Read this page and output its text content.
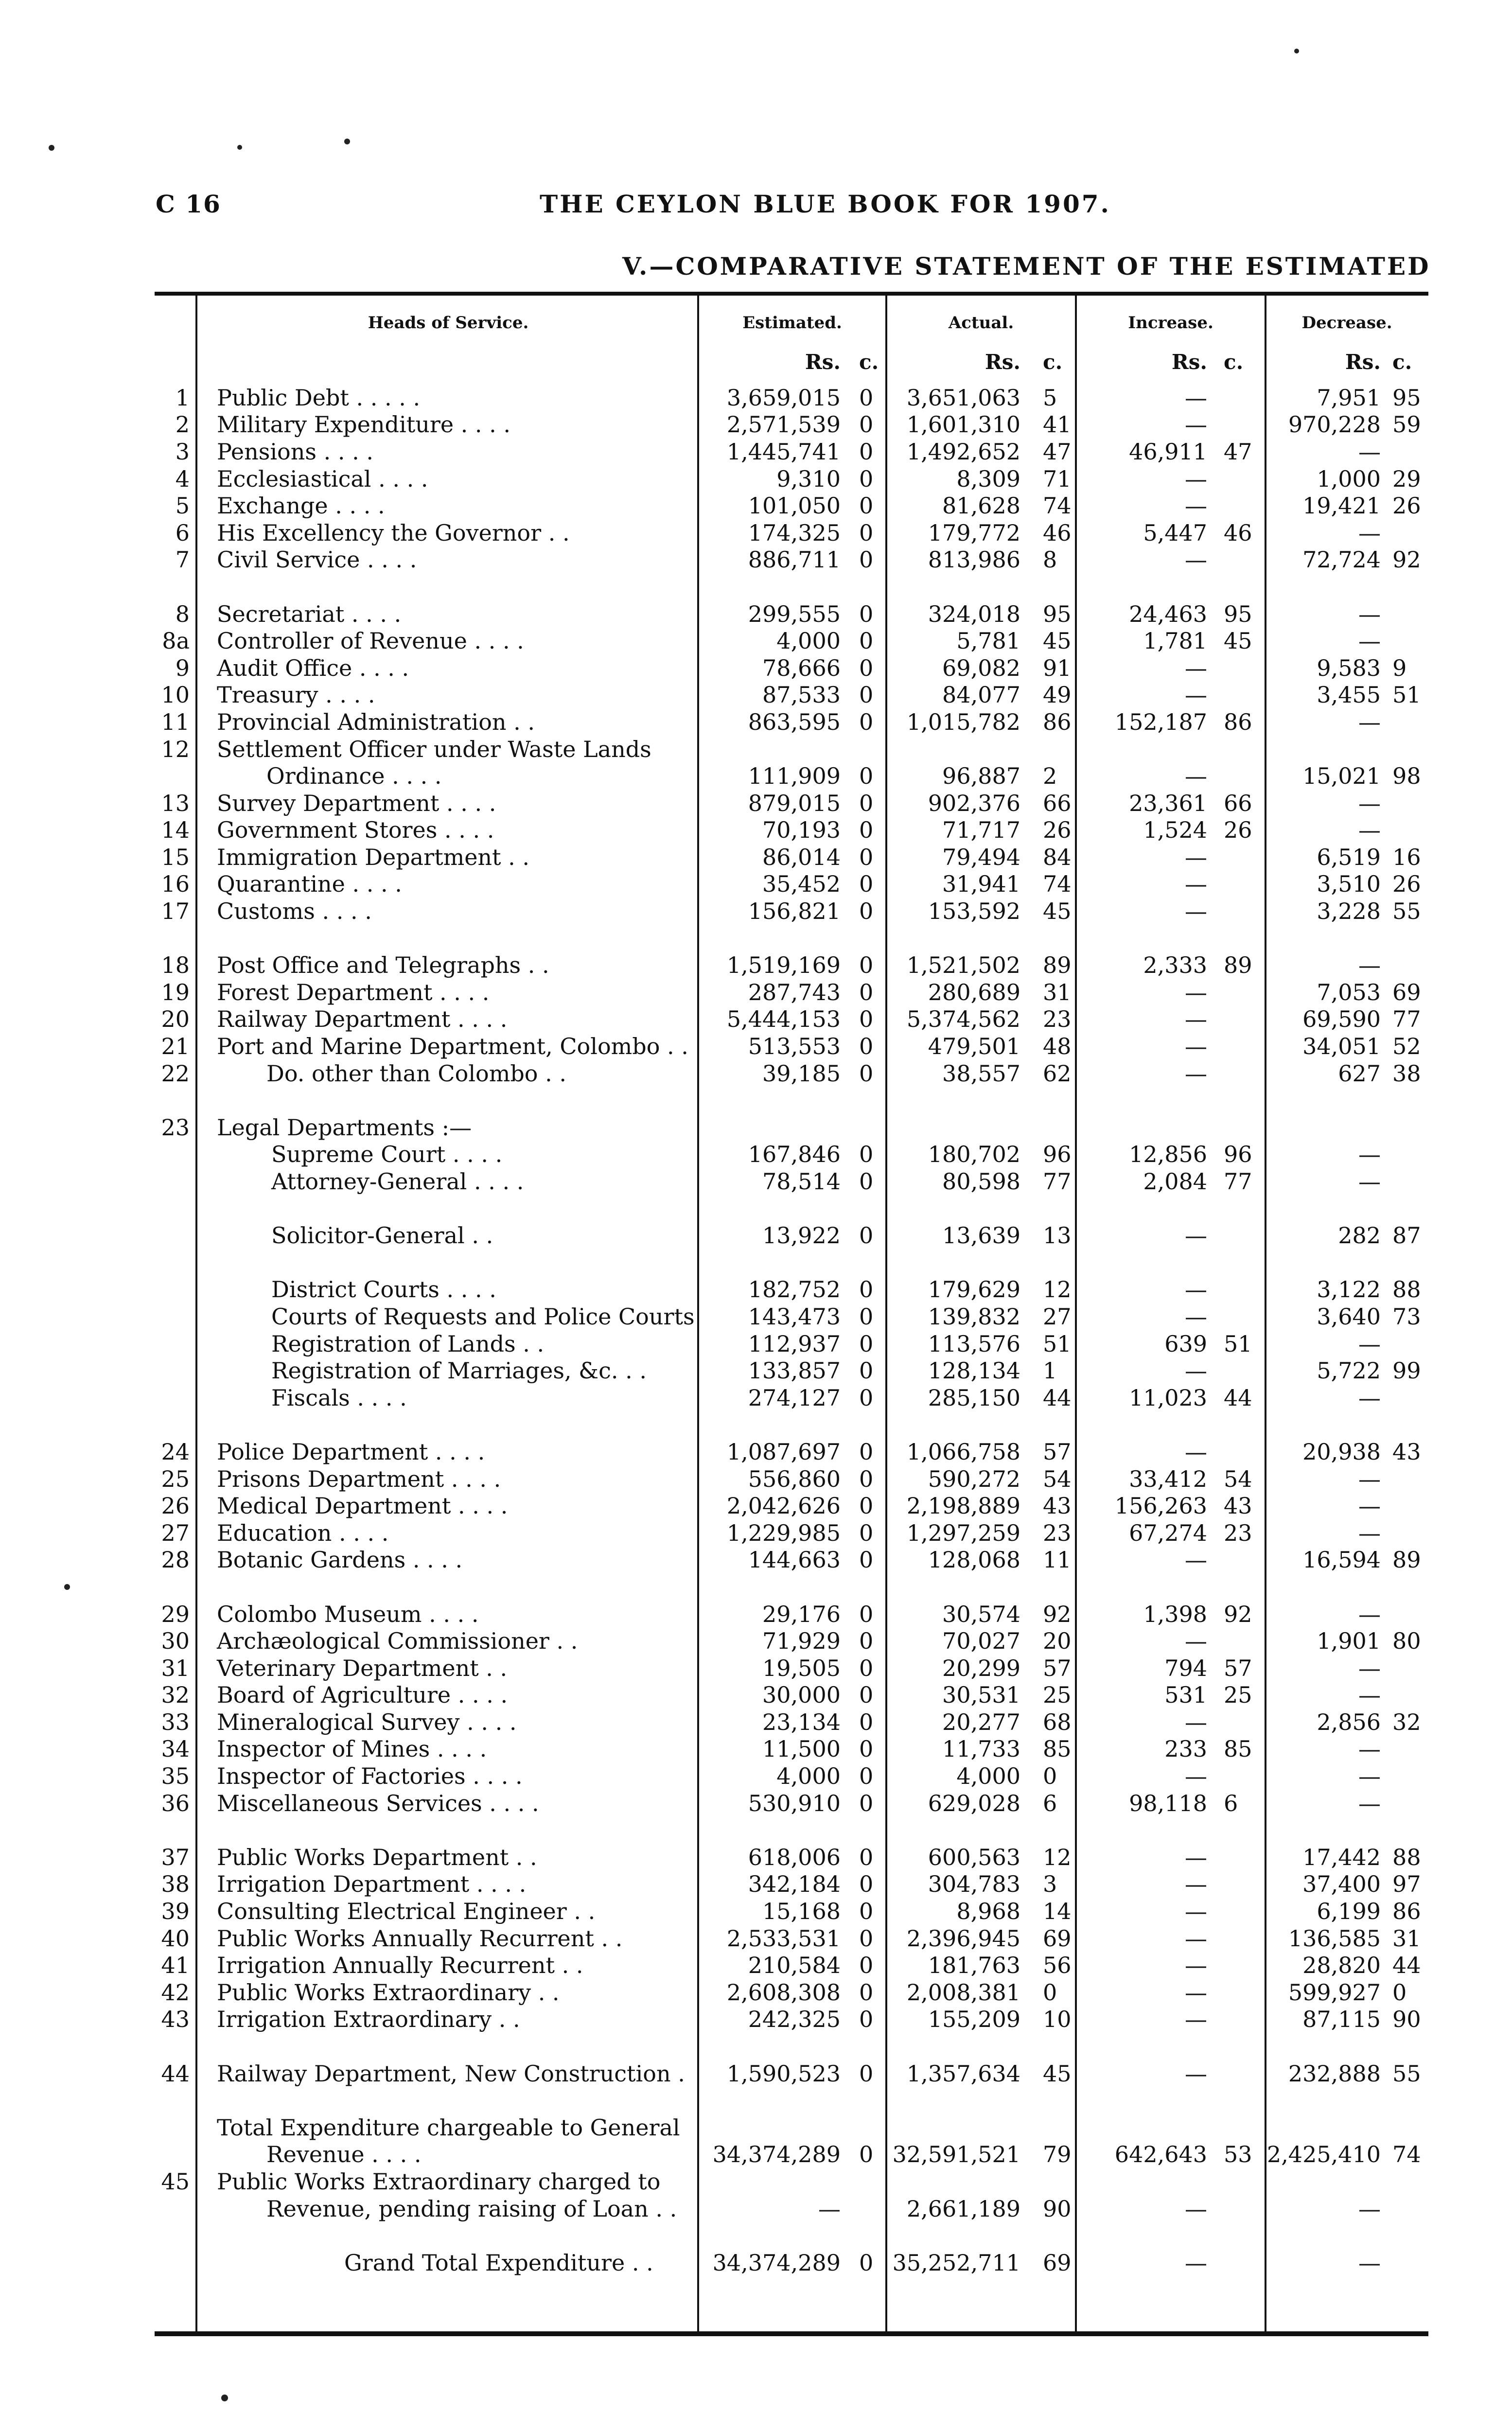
C 16	THE CEYLON BLUE BOOK FOR 1907.
V.—COMPARATIVE STATEMENT OF THE ESTIMATED
	Heads of Service.	Estimated.		Actual.		Increase.		Decrease.	
		Rs.	c.	Rs.	c.	Rs.	c.	Rs.	c.
1	Public Debt . . . . .	3,659,015	0	3,651,063	5	—		7,951	95
2	Military Expenditure . . . .	2,571,539	0	1,601,310	41	—		970,228	59
3	Pensions . . . .	1,445,741	0	1,492,652	47	46,911	47	—	
4	Ecclesiastical . . . .	9,310	0	8,309	71	—		1,000	29
5	Exchange . . . .	101,050	0	81,628	74	—		19,421	26
6	His Excellency the Governor . .	174,325	0	179,772	46	5,447	46	—	
7	Civil Service . . . .	886,711	0	813,986	8	—		72,724	92

8	Secretariat . . . .	299,555	0	324,018	95	24,463	95	—	
8a	Controller of Revenue . . . .	4,000	0	5,781	45	1,781	45	—	
9	Audit Office . . . .	78,666	0	69,082	91	—		9,583	9
10	Treasury . . . .	87,533	0	84,077	49	—		3,455	51
11	Provincial Administration . .	863,595	0	1,015,782	86	152,187	86	—	
12	Settlement Officer under Waste Lands								
	Ordinance . . . .	111,909	0	96,887	2	—		15,021	98
13	Survey Department . . . .	879,015	0	902,376	66	23,361	66	—	
14	Government Stores . . . .	70,193	0	71,717	26	1,524	26	—	
15	Immigration Department . .	86,014	0	79,494	84	—		6,519	16
16	Quarantine . . . .	35,452	0	31,941	74	—		3,510	26
17	Customs . . . .	156,821	0	153,592	45	—		3,228	55

18	Post Office and Telegraphs . .	1,519,169	0	1,521,502	89	2,333	89	—	
19	Forest Department . . . .	287,743	0	280,689	31	—		7,053	69
20	Railway Department . . . .	5,444,153	0	5,374,562	23	—		69,590	77
21	Port and Marine Department, Colombo . .	513,553	0	479,501	48	—		34,051	52
22	Do. other than Colombo . .	39,185	0	38,557	62	—		627	38

23	Legal Departments :—								
	Supreme Court . . . .	167,846	0	180,702	96	12,856	96	—	
	Attorney-General . . . .	78,514	0	80,598	77	2,084	77	—	

	Solicitor-General . .	13,922	0	13,639	13	—		282	87

	District Courts . . . .	182,752	0	179,629	12	—		3,122	88
	Courts of Requests and Police Courts	143,473	0	139,832	27	—		3,640	73
	Registration of Lands . .	112,937	0	113,576	51	639	51	—	
	Registration of Marriages, &c. . .	133,857	0	128,134	1	—		5,722	99
	Fiscals . . . .	274,127	0	285,150	44	11,023	44	—	

24	Police Department . . . .	1,087,697	0	1,066,758	57	—		20,938	43
25	Prisons Department . . . .	556,860	0	590,272	54	33,412	54	—	
26	Medical Department . . . .	2,042,626	0	2,198,889	43	156,263	43	—	
27	Education . . . .	1,229,985	0	1,297,259	23	67,274	23	—	
28	Botanic Gardens . . . .	144,663	0	128,068	11	—		16,594	89

29	Colombo Museum . . . .	29,176	0	30,574	92	1,398	92	—	
30	Archæological Commissioner . .	71,929	0	70,027	20	—		1,901	80
31	Veterinary Department . .	19,505	0	20,299	57	794	57	—	
32	Board of Agriculture . . . .	30,000	0	30,531	25	531	25	—	
33	Mineralogical Survey . . . .	23,134	0	20,277	68	—		2,856	32
34	Inspector of Mines . . . .	11,500	0	11,733	85	233	85	—	
35	Inspector of Factories . . . .	4,000	0	4,000	0	—		—	
36	Miscellaneous Services . . . .	530,910	0	629,028	6	98,118	6	—	

37	Public Works Department . .	618,006	0	600,563	12	—		17,442	88
38	Irrigation Department . . . .	342,184	0	304,783	3	—		37,400	97
39	Consulting Electrical Engineer . .	15,168	0	8,968	14	—		6,199	86
40	Public Works Annually Recurrent . .	2,533,531	0	2,396,945	69	—		136,585	31
41	Irrigation Annually Recurrent . .	210,584	0	181,763	56	—		28,820	44
42	Public Works Extraordinary . .	2,608,308	0	2,008,381	0	—		599,927	0
43	Irrigation Extraordinary . .	242,325	0	155,209	10	—		87,115	90

44	Railway Department, New Construction .	1,590,523	0	1,357,634	45	—		232,888	55

	Total Expenditure chargeable to General								
	Revenue . . . .	34,374,289	0	32,591,521	79	642,643	53	2,425,410	74
45	Public Works Extraordinary charged to								
	Revenue, pending raising of Loan . .	—		2,661,189	90	—		—	

	Grand Total Expenditure . .	34,374,289	0	35,252,711	69	—		—	
